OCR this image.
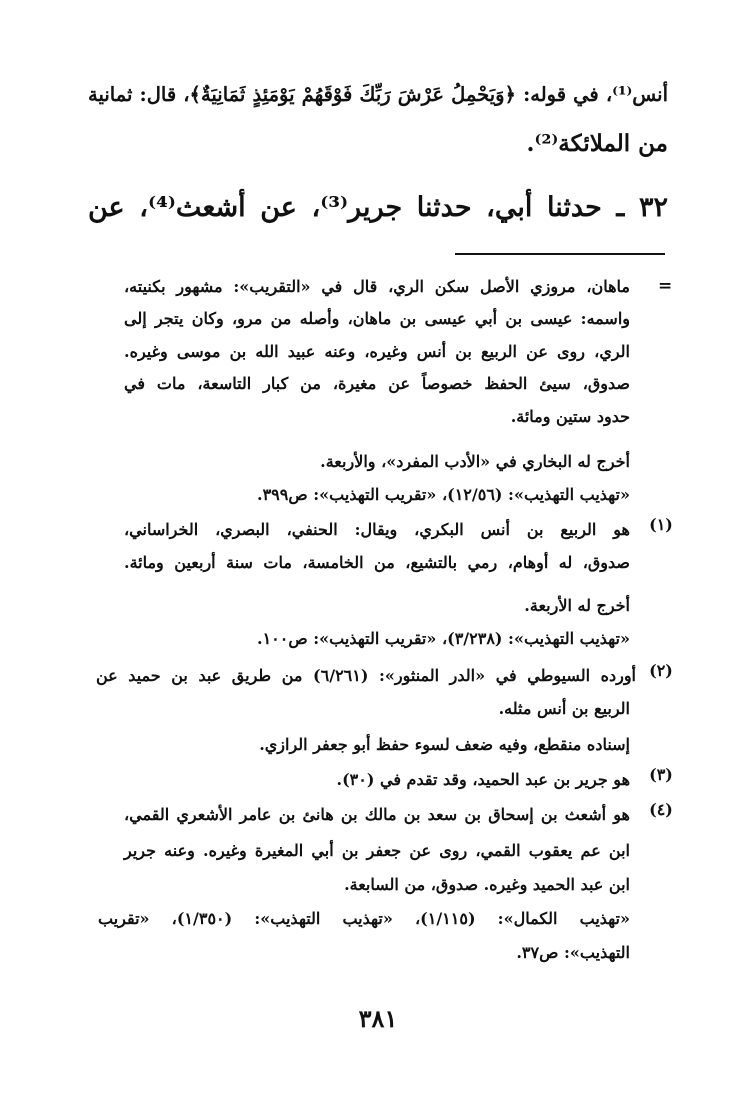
أنس⁽¹⁾، في قوله: ﴿وَيَحْمِلُ عَرْشَ رَبِّكَ فَوْقَهُمْ يَوْمَئِذٍ ثَمَانِيَةٌ﴾، قال: ثمانية
من الملائكة⁽²⁾.
٣٢ ـ حدثنا أبي، حدثنا جرير⁽³⁾، عن أشعث⁽⁴⁾، عن
=
ماهان، مروزي الأصل سكن الري، قال في «التقريب»: مشهور بكنيته،
واسمه: عيسى بن أبي عيسى بن ماهان، وأصله من مرو، وكان يتجر إلى
الري، روى عن الربيع بن أنس وغيره، وعنه عبيد الله بن موسى وغيره.
صدوق، سيئ الحفظ خصوصاً عن مغيرة، من كبار التاسعة، مات في
حدود ستين ومائة.
أخرج له البخاري في «الأدب المفرد»، والأربعة.
«تهذيب التهذيب»: (١٢/٥٦)، «تقريب التهذيب»: ص٣٩٩.
(١)
هو الربيع بن أنس البكري، ويقال: الحنفي، البصري، الخراساني،
صدوق، له أوهام، رمي بالتشيع، من الخامسة، مات سنة أربعين ومائة.
أخرج له الأربعة.
«تهذيب التهذيب»: (٣/٢٣٨)، «تقريب التهذيب»: ص١٠٠.
(٢)
أورده السيوطي في «الدر المنثور»: (٦/٢٦١) من طريق عبد بن حميد عن
الربيع بن أنس مثله.
إسناده منقطع، وفيه ضعف لسوء حفظ أبو جعفر الرازي.
(٣)
هو جرير بن عبد الحميد، وقد تقدم في (٣٠).
(٤)
هو أشعث بن إسحاق بن سعد بن مالك بن هانئ بن عامر الأشعري القمي،
ابن عم يعقوب القمي، روى عن جعفر بن أبي المغيرة وغيره. وعنه جرير
ابن عبد الحميد وغيره. صدوق، من السابعة.
«تهذيب الكمال»: (١/١١٥)، «تهذيب التهذيب»: (١/٣٥٠)، «تقريب
التهذيب»: ص٣٧.
٣٨١
